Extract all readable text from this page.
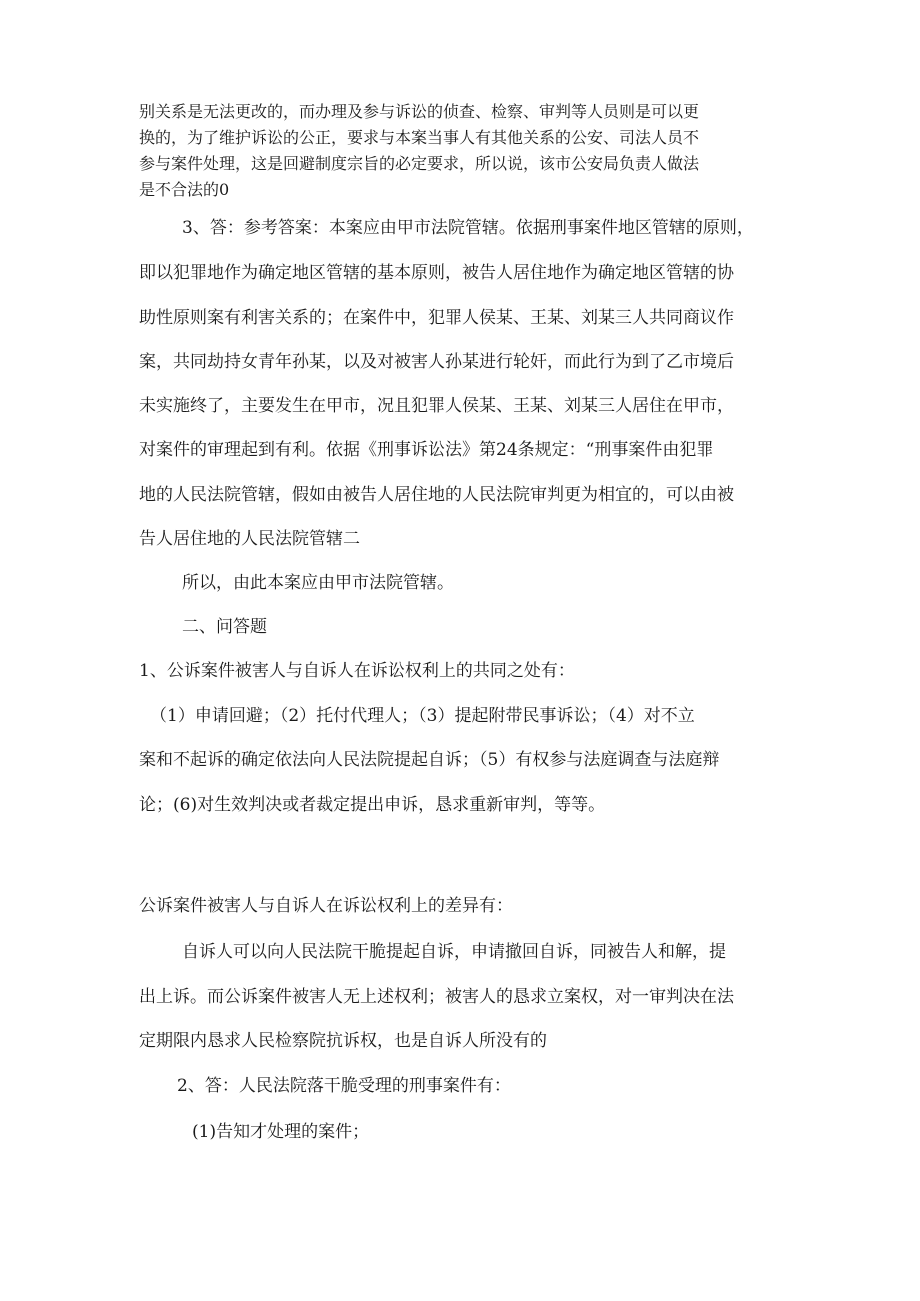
别关系是无法更改的，而办理及参与诉讼的侦查、检察、审判等人员则是可以更

换的，为了维护诉讼的公正，要求与本案当事人有其他关系的公安、司法人员不

参与案件处理，这是回避制度宗旨的必定要求，所以说，该市公安局负责人做法

是不合法的0

3、答：参考答案：本案应由甲市法院管辖。依据刑事案件地区管辖的原则，

即以犯罪地作为确定地区管辖的基本原则，被告人居住地作为确定地区管辖的协

助性原则案有利害关系的；在案件中，犯罪人侯某、王某、刘某三人共同商议作

案，共同劫持女青年孙某，以及对被害人孙某进行轮奸，而此行为到了乙市境后

未实施终了，主要发生在甲市，况且犯罪人侯某、王某、刘某三人居住在甲市，

对案件的审理起到有利。依据《刑事诉讼法》第24条规定：“刑事案件由犯罪

地的人民法院管辖，假如由被告人居住地的人民法院审判更为相宜的，可以由被

告人居住地的人民法院管辖二

所以，由此本案应由甲市法院管辖。

二、问答题

1、公诉案件被害人与自诉人在诉讼权利上的共同之处有：

（1）申请回避；（2）托付代理人；（3）提起附带民事诉讼；（4）对不立

案和不起诉的确定依法向人民法院提起自诉；（5）有权参与法庭调查与法庭辩

论；(6)对生效判决或者裁定提出申诉，恳求重新审判，等等。

公诉案件被害人与自诉人在诉讼权利上的差异有：

自诉人可以向人民法院干脆提起自诉，申请撤回自诉，同被告人和解，提

出上诉。而公诉案件被害人无上述权利；被害人的恳求立案权，对一审判决在法

定期限内恳求人民检察院抗诉权，也是自诉人所没有的

2、答：人民法院落干脆受理的刑事案件有：

(1)告知才处理的案件；
